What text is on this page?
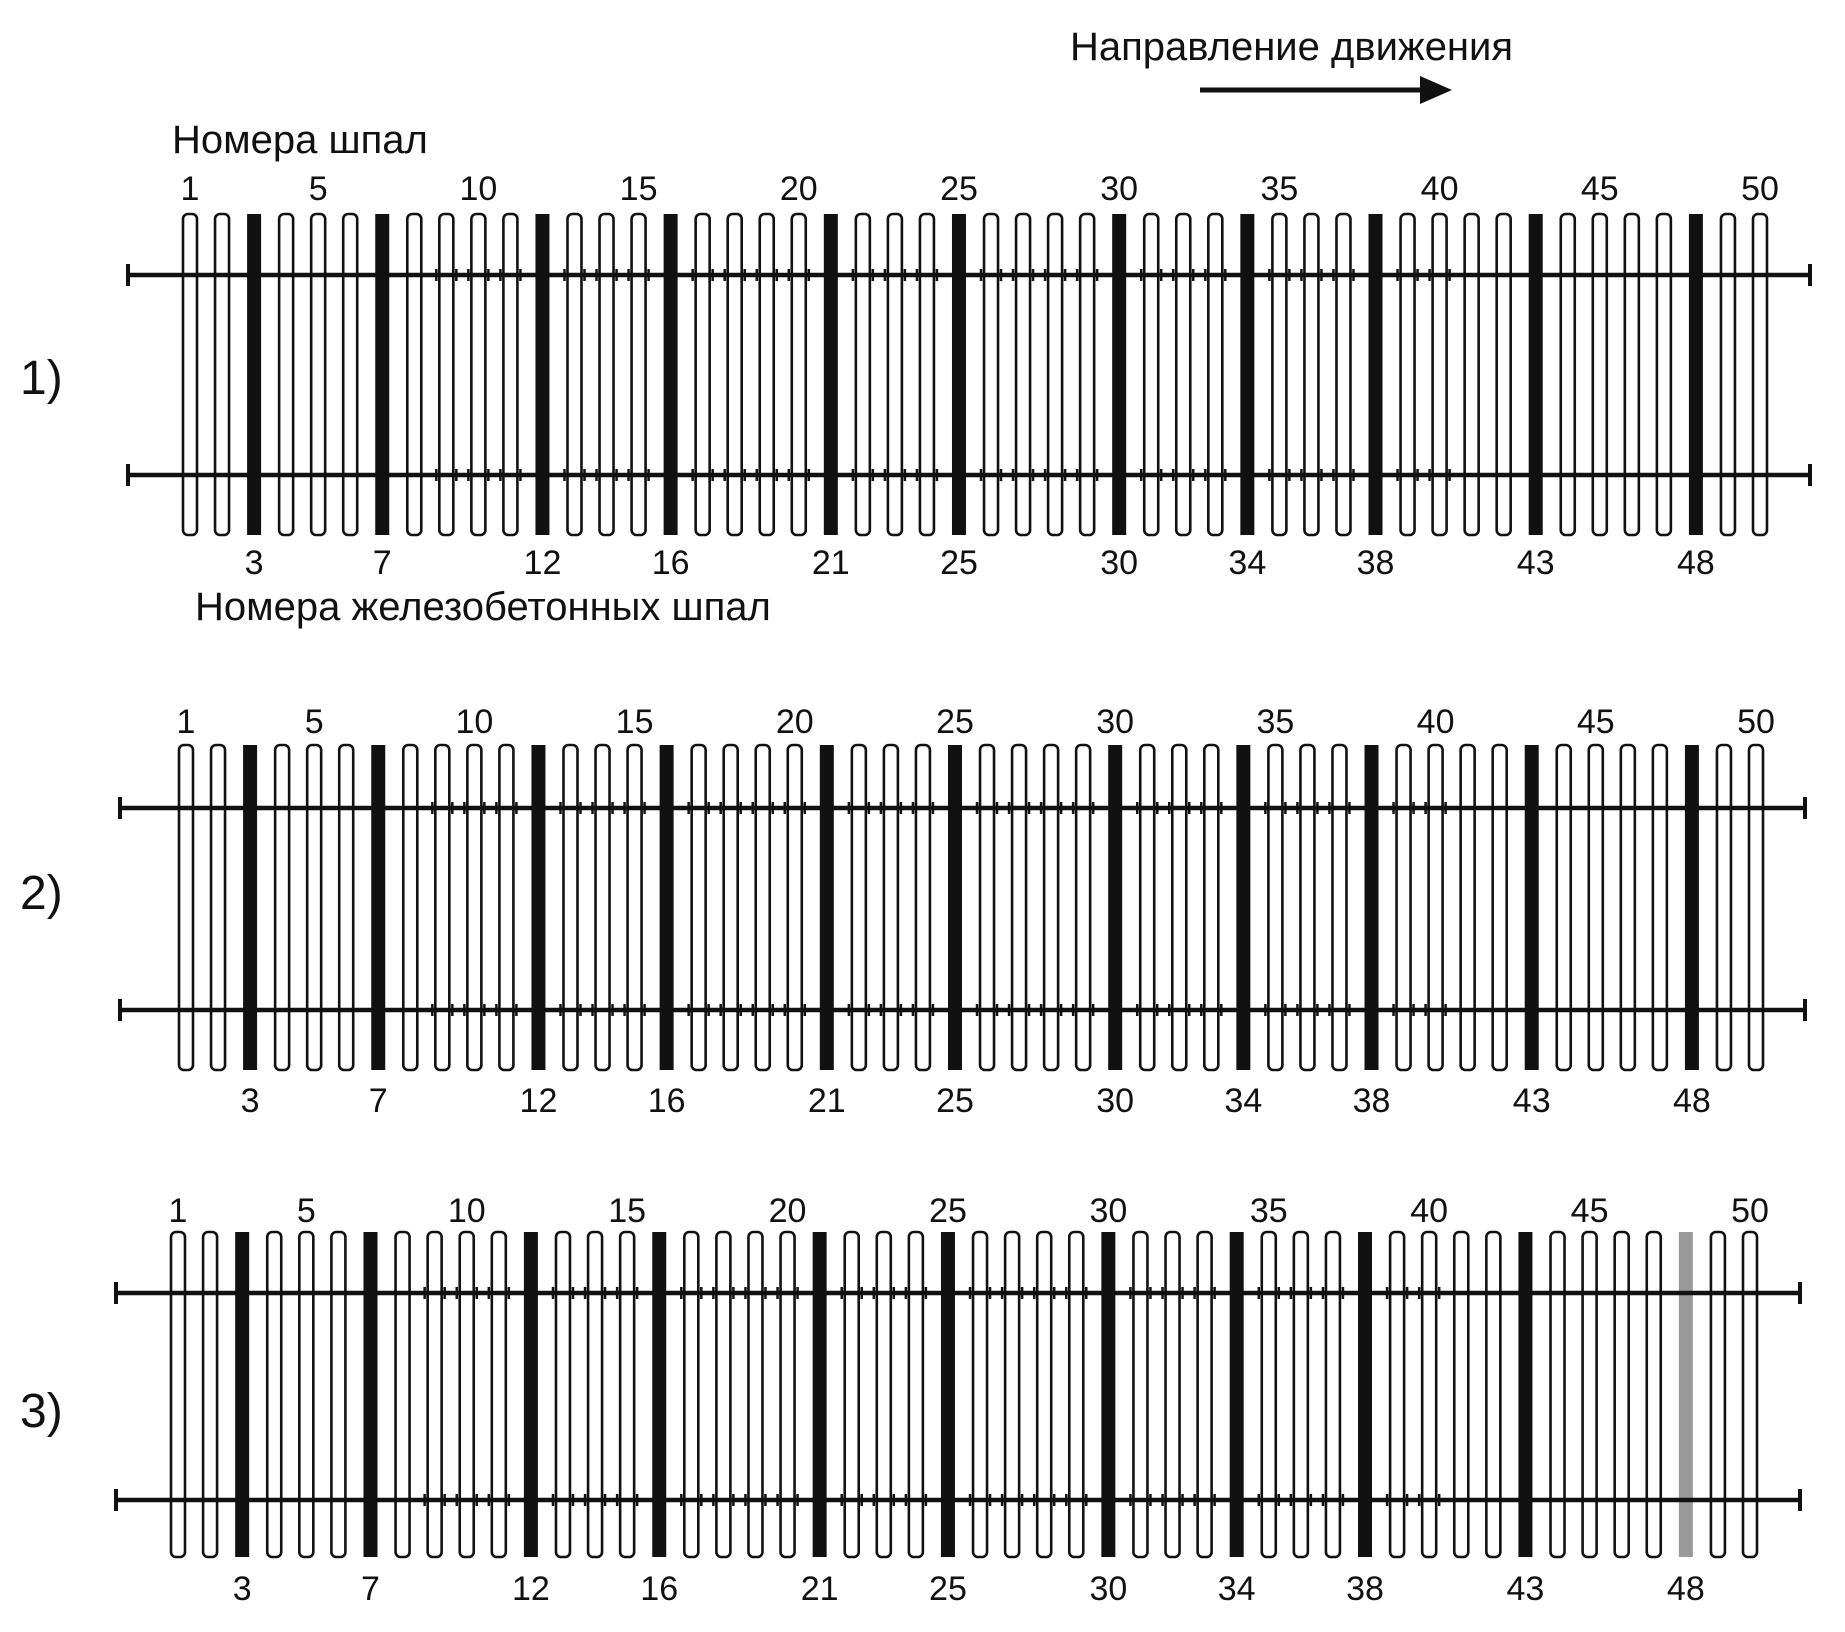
Направление движения
Номера шпал
Номера железобетонных шпал
1)
1	5	10	15	20	25	30	35	40	45	50
3	7	12	16	21	25	30	34	38	43	48
2)
1	5	10	15	20	25	30	35	40	45	50
3	7	12	16	21	25	30	34	38	43	48
3)
1	5	10	15	20	25	30	35	40	45	50
3	7	12	16	21	25	30	34	38	43	48
